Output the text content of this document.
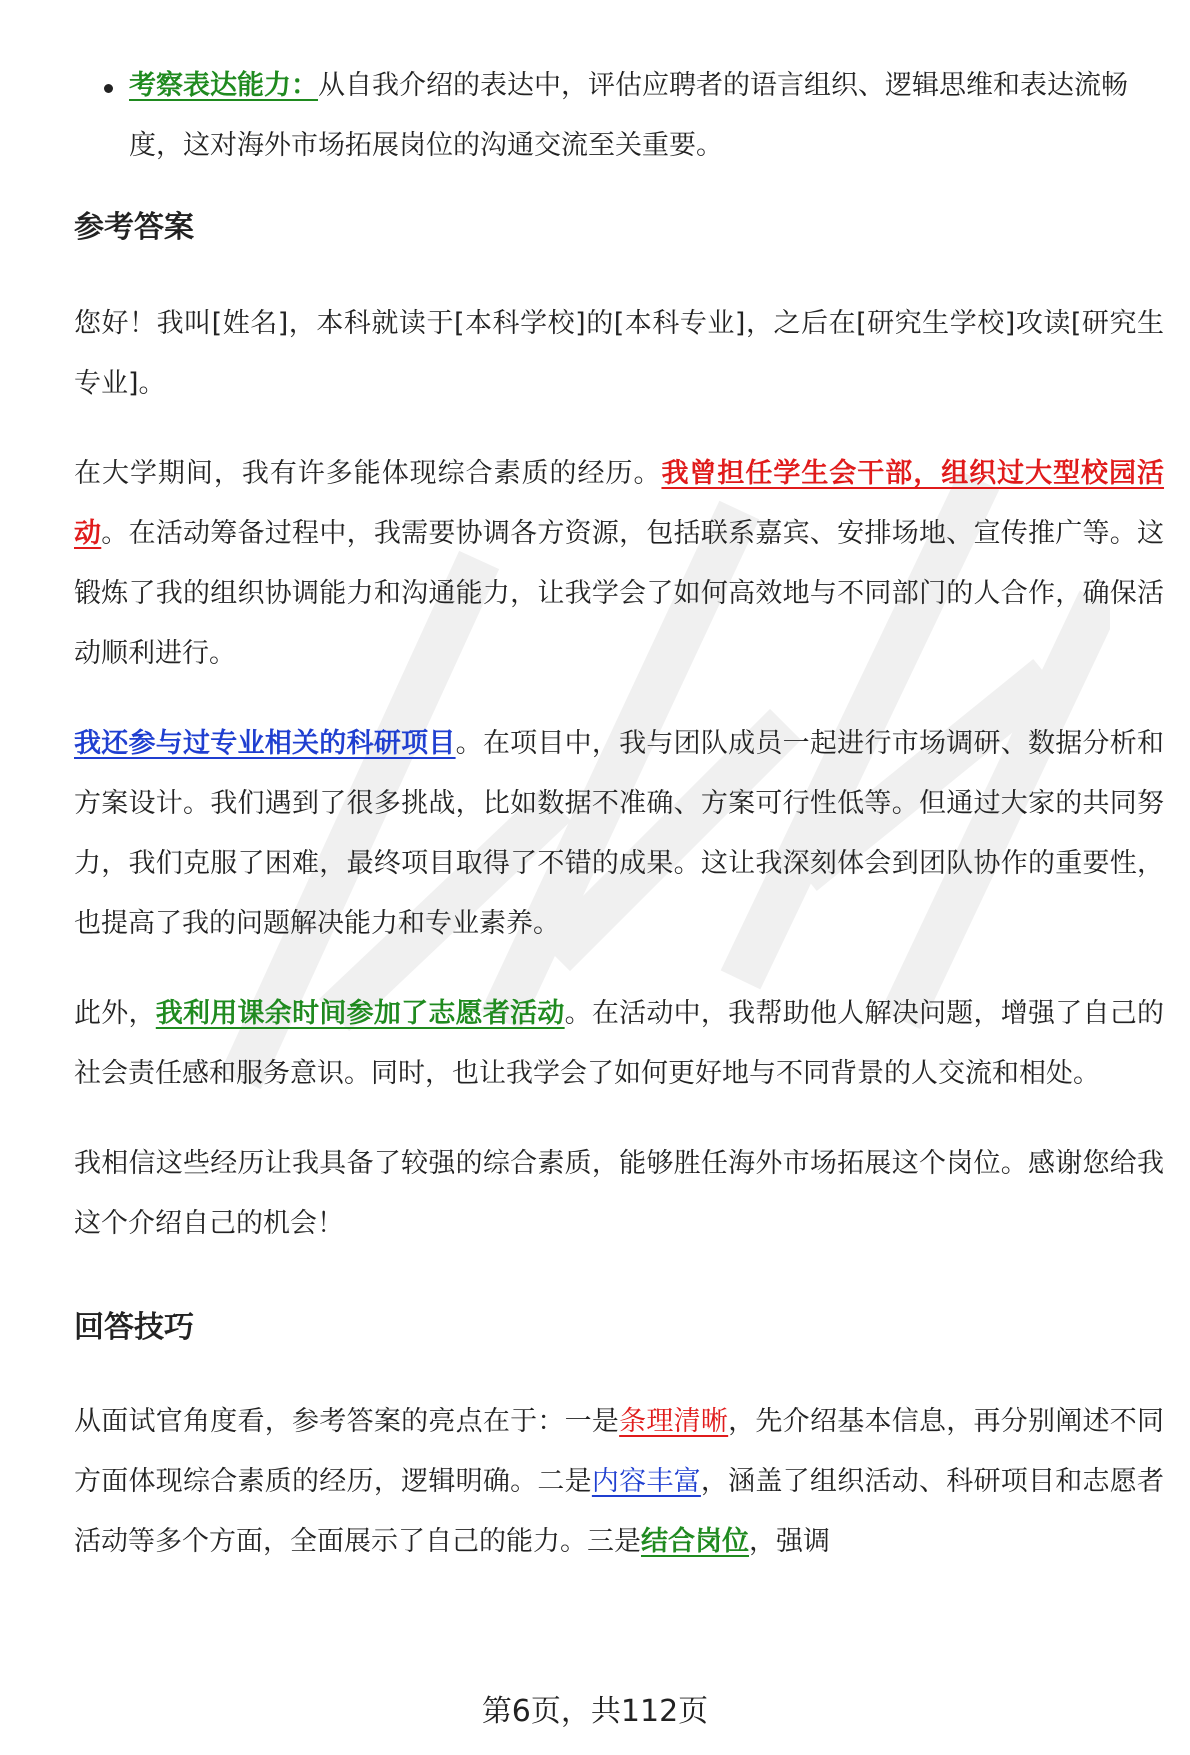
考察表达能力：从自我介绍的表达中，评估应聘者的语言组织、逻辑思维和表达流畅度，这对海外市场拓展岗位的沟通交流至关重要。
参考答案

您好！我叫[姓名]，本科就读于[本科学校]的[本科专业]，之后在[研究生学校]攻读[研究生专业]。

在大学期间，我有许多能体现综合素质的经历。我曾担任学生会干部，组织过大型校园活动。在活动筹备过程中，我需要协调各方资源，包括联系嘉宾、安排场地、宣传推广等。这锻炼了我的组织协调能力和沟通能力，让我学会了如何高效地与不同部门的人合作，确保活动顺利进行。

我还参与过专业相关的科研项目。在项目中，我与团队成员一起进行市场调研、数据分析和方案设计。我们遇到了很多挑战，比如数据不准确、方案可行性低等。但通过大家的共同努力，我们克服了困难，最终项目取得了不错的成果。这让我深刻体会到团队协作的重要性，也提高了我的问题解决能力和专业素养。

此外，我利用课余时间参加了志愿者活动。在活动中，我帮助他人解决问题，增强了自己的社会责任感和服务意识。同时，也让我学会了如何更好地与不同背景的人交流和相处。

我相信这些经历让我具备了较强的综合素质，能够胜任海外市场拓展这个岗位。感谢您给我这个介绍自己的机会！

回答技巧

从面试官角度看，参考答案的亮点在于：一是条理清晰，先介绍基本信息，再分别阐述不同方面体现综合素质的经历，逻辑明确。二是内容丰富，涵盖了组织活动、科研项目和志愿者活动等多个方面，全面展示了自己的能力。三是结合岗位，强调

第6页，共112页
